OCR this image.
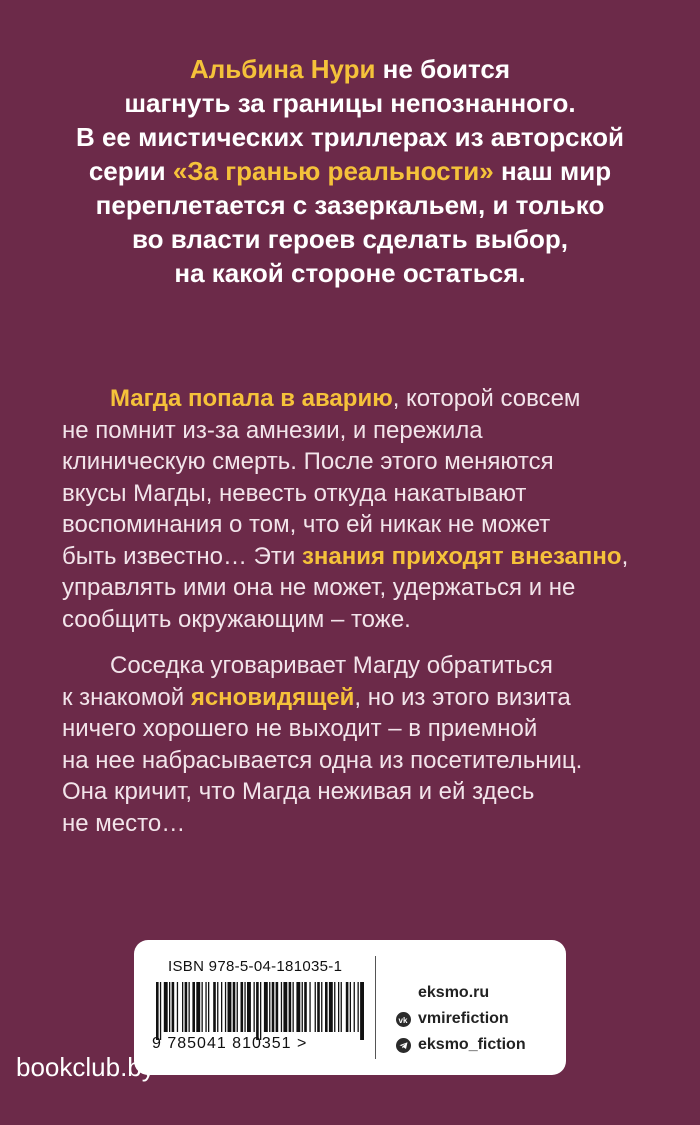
Альбина Нури не боится
шагнуть за границы непознанного.
В ее мистических триллерах из авторской
серии «За гранью реальности» наш мир
переплетается с зазеркальем, и только
во власти героев сделать выбор,
на какой стороне остаться.
Магда попала в аварию, которой совсем
не помнит из-за амнезии, и пережила
клиническую смерть. После этого меняются
вкусы Магды, невесть откуда накатывают
воспоминания о том, что ей никак не может
быть известно… Эти знания приходят внезапно,
управлять ими она не может, удержаться и не
сообщить окружающим – тоже.
Соседка уговаривает Магду обратиться
к знакомой ясновидящей, но из этого визита
ничего хорошего не выходит – в приемной
на нее набрасывается одна из посетительниц.
Она кричит, что Магда неживая и ей здесь
не место…
ISBN 978-5-04-181035-1
9 785041 810351 >
eksmo.ru
vk vmirefiction
eksmo_fiction
bookclub.by
